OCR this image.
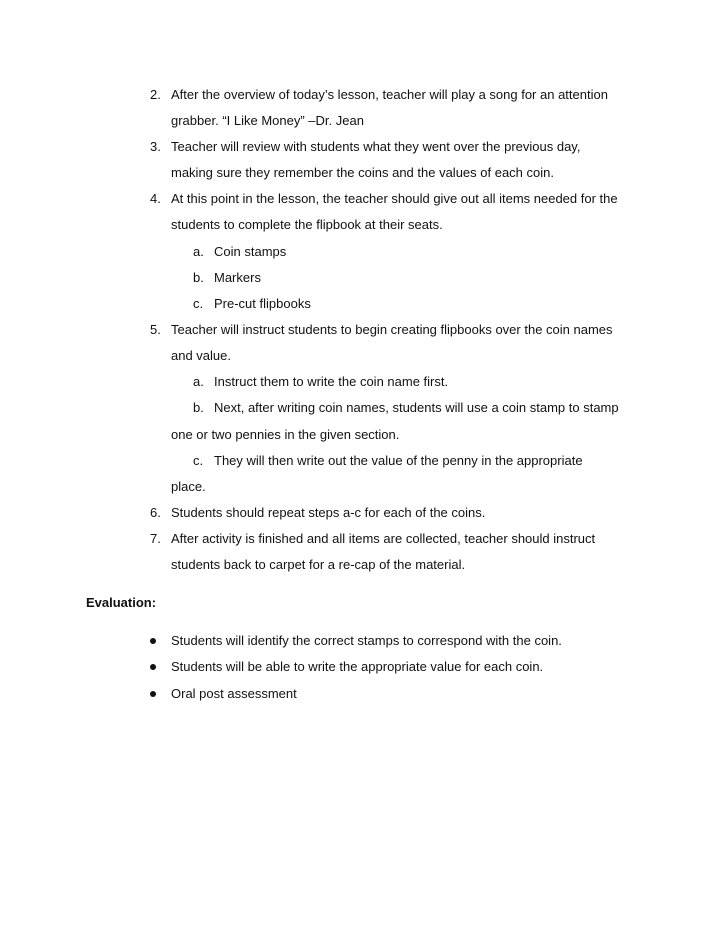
2. After the overview of today’s lesson, teacher will play a song for an attention
grabber. “I Like Money” –Dr. Jean
3. Teacher will review with students what they went over the previous day,
making sure they remember the coins and the values of each coin.
4. At this point in the lesson, the teacher should give out all items needed for the
students to complete the flipbook at their seats.
a. Coin stamps
b. Markers
c. Pre-cut flipbooks
5. Teacher will instruct students to begin creating flipbooks over the coin names
and value.
a. Instruct them to write the coin name first.
b. Next, after writing coin names, students will use a coin stamp to stamp
one or two pennies in the given section.
c. They will then write out the value of the penny in the appropriate
place.
6. Students should repeat steps a-c for each of the coins.
7. After activity is finished and all items are collected, teacher should instruct
students back to carpet for a re-cap of the material.
Evaluation:
Students will identify the correct stamps to correspond with the coin.
Students will be able to write the appropriate value for each coin.
Oral post assessment
